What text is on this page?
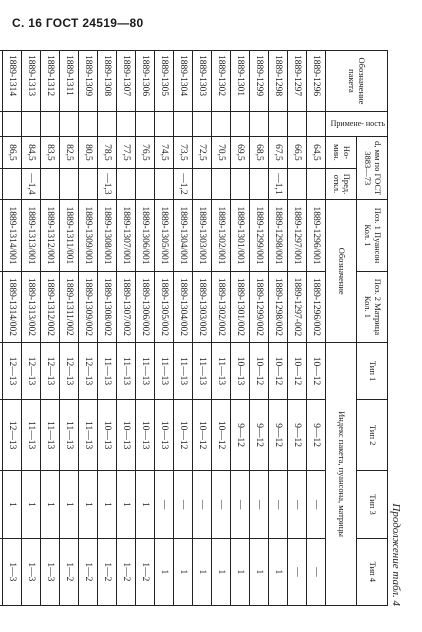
С. 16 ГОСТ 24519—80
Продолжение табл. 4
Обозначение пакета	Примене- ность	d, мм по ГОСТ 3883—73		Поз. 1 Пуансон Кол. 1	Поз. 2 Матрица Кол. 1	Тип 1	Тип 2	Тип 3	Тип 4
		Но- мин.	Пред. откл.	Обозначение		Индекс пакета, пуансона, матрицы			
1889-1296		64,5		1889-1296/001	1889-1296/002	10—12	9—12	—	—
1889-1297		66,5		1889-1297/001	1889-1297-002	10—12	9—12	—	—
1889-1298		67,5	—1,1	1889-1298/001	1889-1298/002	10—12	9—12	—	1
1889-1299		68,5		1889-1299/001	1889-1299/002	10—12	9—12	—	1
1889-1301		69,5		1889-1301/001	1889-1301/002	10—13	9—12	—	1
1889-1302		70,5		1889-1302/001	1889-1302/002	11—13	10—12	—	1
1889-1303		72,5		1889-1303/001	1889-1303/002	11—13	10—12	—	1
1889-1304		73,5	—1,2	1889-1304/001	1889-1304/002	11—13	10—12	—	1
1889-1305		74,5		1889-1305/001	1889-1305/002	11—13	10—13	—	1
1889-1306		76,5		1889-1306/001	1889-1306/002	11—13	10—13	1	1—2
1889-1307		77,5		1889-1307/001	1889-1307/002	11—13	10—13	1	1—2
1889-1308		78,5	—1,3	1889-1308/001	1889-1308/002	11—13	10—13	1	1—2
1889-1309		80,5		1889-1309/001	1889-1309/002	12—13	11—13	1	1—2
1889-1311		82,5		1889-1311/001	1889-1311/002	12—13	11—13	1	1—2
1889-1312		83,5		1889-1312/001	1889-1312/002	12—13	11—13	1	1—3
1889-1313		84,5	—1,4	1889-1313/001	1889-1313/002	12—13	11—13	1	1—3
1889-1314		86,5		1889-1314/001	1889-1314/002	12—13	12—13	1	1—3
